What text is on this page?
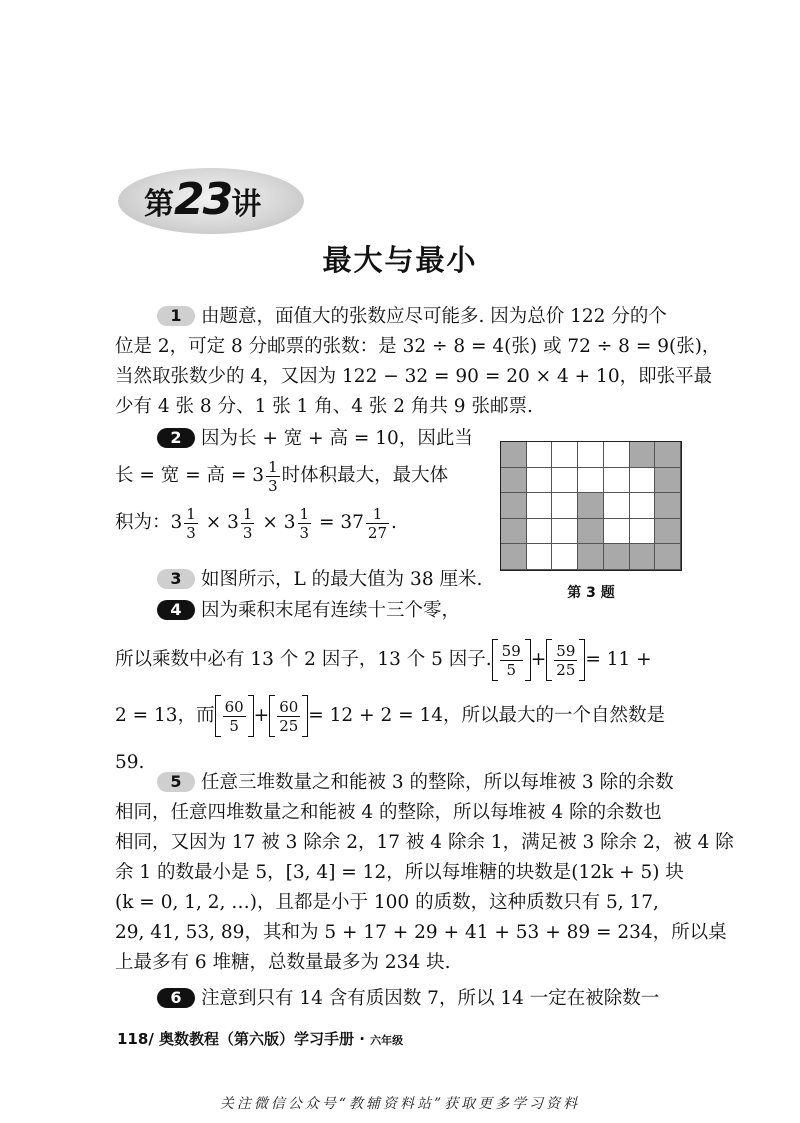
第23讲
最大与最小
1 由题意，面值大的张数应尽可能多. 因为总价 122 分的个
位是 2，可定 8 分邮票的张数：是 32 ÷ 8 = 4(张) 或 72 ÷ 8 = 9(张)，
当然取张数少的 4，又因为 122 − 32 = 90 = 20 × 4 + 10，即张平最
少有 4 张 8 分、1 张 1 角、4 张 2 角共 9 张邮票.
2 因为长 + 宽 + 高 = 10，因此当
长 = 宽 = 高 = $3 \frac{1}{3}$ 时体积最大，最大体
积为：$3 \frac{1}{3} \times 3 \frac{1}{3} \times 3 \frac{1}{3} = 37 \frac{1}{27}$ .
第 3 题
3 如图所示，L 的最大值为 38 厘米.
4 因为乘积末尾有连续十三个零，
所以乘数中必有 13 个 2 因子，13 个 5 因子. $\frac{59}{5} + \frac{59}{25} = 11$ +
2 = 13，而 $\frac{60}{5} + \frac{60}{25} = 12 + 2 = 14$，所以最大的一个自然数是
59.
5 任意三堆数量之和能被 3 的整除，所以每堆被 3 除的余数
相同，任意四堆数量之和能被 4 的整除，所以每堆被 4 除的余数也
相同，又因为 17 被 3 除余 2，17 被 4 除余 1，满足被 3 除余 2，被 4 除
余 1 的数最小是 5，[3, 4] = 12，所以每堆糖的块数是(12k + 5) 块
(k = 0, 1, 2, …)，且都是小于 100 的质数，这种质数只有 5, 17,
29, 41, 53, 89，其和为 5 + 17 + 29 + 41 + 53 + 89 = 234，所以桌
上最多有 6 堆糖，总数量最多为 234 块.
6 注意到只有 14 含有质因数 7，所以 14 一定在被除数一
118/ 奥数教程（第六版）学习手册 · 六年级
关注微信公众号“教辅资料站”获取更多学习资料
